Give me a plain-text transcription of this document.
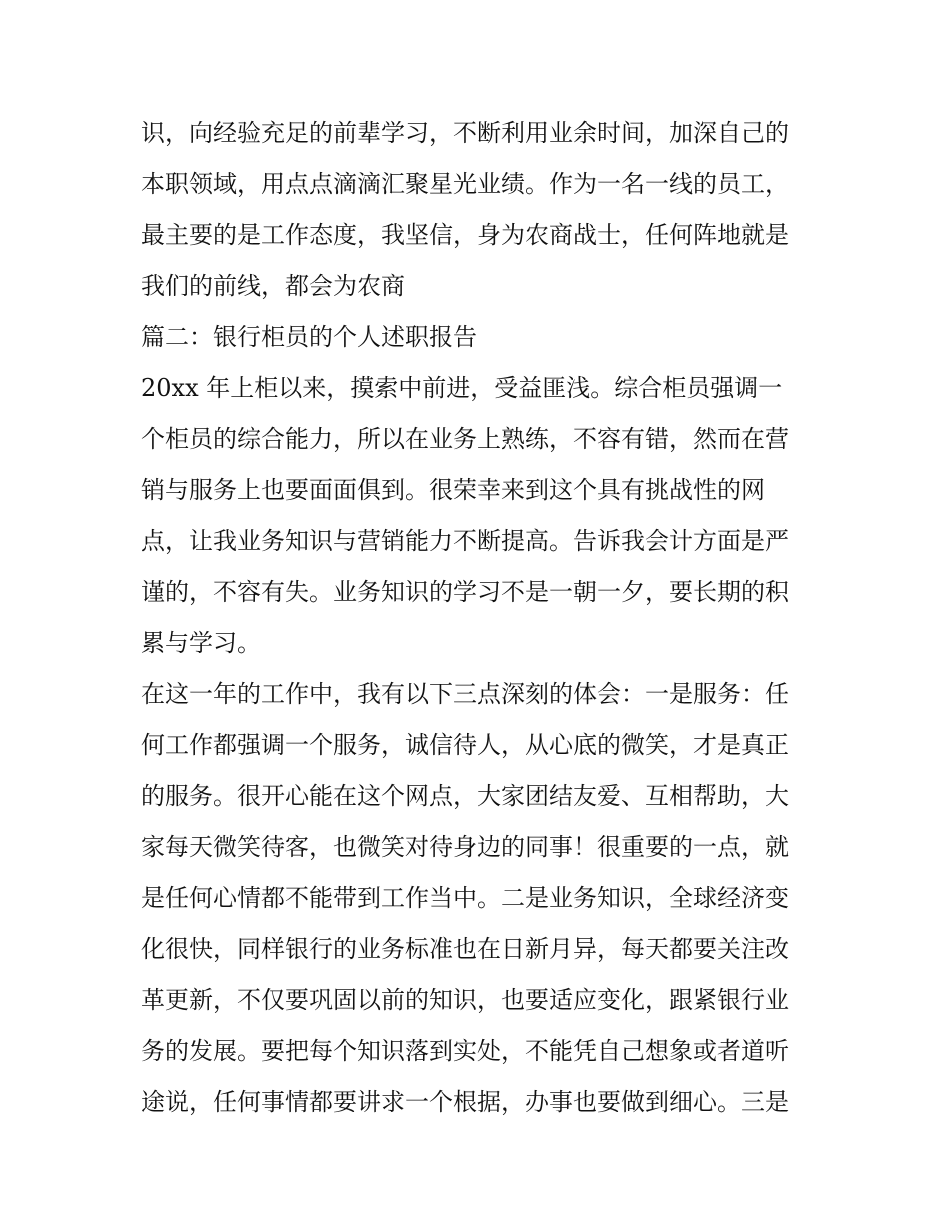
识，向经验充足的前辈学习，不断利用业余时间，加深自己的
本职领域，用点点滴滴汇聚星光业绩。作为一名一线的员工，
最主要的是工作态度，我坚信，身为农商战士，任何阵地就是
我们的前线，都会为农商
篇二：银行柜员的个人述职报告
20xx 年上柜以来，摸索中前进，受益匪浅。综合柜员强调一
个柜员的综合能力，所以在业务上熟练，不容有错，然而在营
销与服务上也要面面俱到。很荣幸来到这个具有挑战性的网
点，让我业务知识与营销能力不断提高。告诉我会计方面是严
谨的，不容有失。业务知识的学习不是一朝一夕，要长期的积
累与学习。
在这一年的工作中，我有以下三点深刻的体会：一是服务：任
何工作都强调一个服务，诚信待人，从心底的微笑，才是真正
的服务。很开心能在这个网点，大家团结友爱、互相帮助，大
家每天微笑待客，也微笑对待身边的同事！很重要的一点，就
是任何心情都不能带到工作当中。二是业务知识，全球经济变
化很快，同样银行的业务标准也在日新月异，每天都要关注改
革更新，不仅要巩固以前的知识，也要适应变化，跟紧银行业
务的发展。要把每个知识落到实处，不能凭自己想象或者道听
途说，任何事情都要讲求一个根据，办事也要做到细心。三是
